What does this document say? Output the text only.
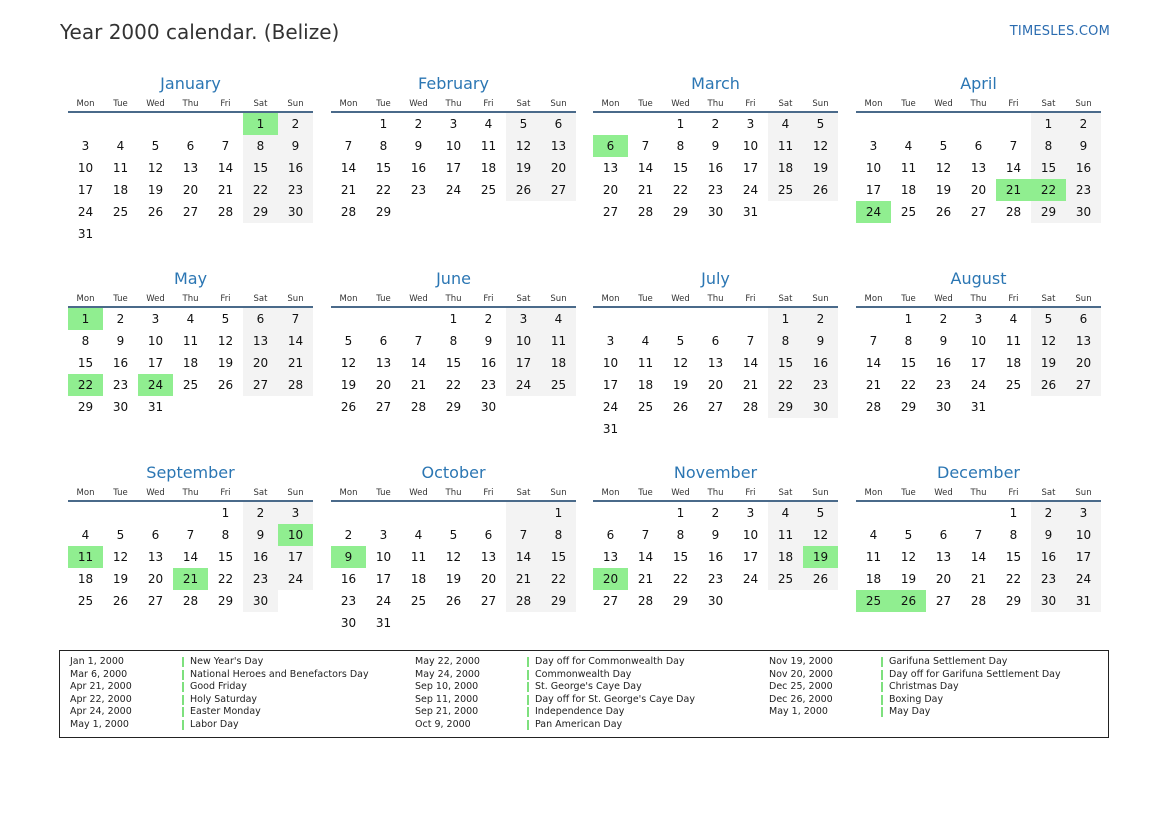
Year 2000 calendar. (Belize)	TIMESLES.COM
January
Mon	Tue	Wed	Thu	Fri	Sat	Sun
					1	2
3	4	5	6	7	8	9
10	11	12	13	14	15	16
17	18	19	20	21	22	23
24	25	26	27	28	29	30
31						
February
Mon	Tue	Wed	Thu	Fri	Sat	Sun
	1	2	3	4	5	6
7	8	9	10	11	12	13
14	15	16	17	18	19	20
21	22	23	24	25	26	27
28	29					
March
Mon	Tue	Wed	Thu	Fri	Sat	Sun
		1	2	3	4	5
6	7	8	9	10	11	12
13	14	15	16	17	18	19
20	21	22	23	24	25	26
27	28	29	30	31		
April
Mon	Tue	Wed	Thu	Fri	Sat	Sun
					1	2
3	4	5	6	7	8	9
10	11	12	13	14	15	16
17	18	19	20	21	22	23
24	25	26	27	28	29	30
May
Mon	Tue	Wed	Thu	Fri	Sat	Sun
1	2	3	4	5	6	7
8	9	10	11	12	13	14
15	16	17	18	19	20	21
22	23	24	25	26	27	28
29	30	31				
June
Mon	Tue	Wed	Thu	Fri	Sat	Sun
			1	2	3	4
5	6	7	8	9	10	11
12	13	14	15	16	17	18
19	20	21	22	23	24	25
26	27	28	29	30		
July
Mon	Tue	Wed	Thu	Fri	Sat	Sun
					1	2
3	4	5	6	7	8	9
10	11	12	13	14	15	16
17	18	19	20	21	22	23
24	25	26	27	28	29	30
31						
August
Mon	Tue	Wed	Thu	Fri	Sat	Sun
	1	2	3	4	5	6
7	8	9	10	11	12	13
14	15	16	17	18	19	20
21	22	23	24	25	26	27
28	29	30	31			
September
Mon	Tue	Wed	Thu	Fri	Sat	Sun
				1	2	3
4	5	6	7	8	9	10
11	12	13	14	15	16	17
18	19	20	21	22	23	24
25	26	27	28	29	30	
October
Mon	Tue	Wed	Thu	Fri	Sat	Sun
						1
2	3	4	5	6	7	8
9	10	11	12	13	14	15
16	17	18	19	20	21	22
23	24	25	26	27	28	29
30	31					
November
Mon	Tue	Wed	Thu	Fri	Sat	Sun
		1	2	3	4	5
6	7	8	9	10	11	12
13	14	15	16	17	18	19
20	21	22	23	24	25	26
27	28	29	30			
December
Mon	Tue	Wed	Thu	Fri	Sat	Sun
				1	2	3
4	5	6	7	8	9	10
11	12	13	14	15	16	17
18	19	20	21	22	23	24
25	26	27	28	29	30	31
Jan 1, 2000	New Year's Day
Mar 6, 2000	National Heroes and Benefactors Day
Apr 21, 2000	Good Friday
Apr 22, 2000	Holy Saturday
Apr 24, 2000	Easter Monday
May 1, 2000	Labor Day
May 22, 2000	Day off for Commonwealth Day
May 24, 2000	Commonwealth Day
Sep 10, 2000	St. George's Caye Day
Sep 11, 2000	Day off for St. George's Caye Day
Sep 21, 2000	Independence Day
Oct 9, 2000	Pan American Day
Nov 19, 2000	Garifuna Settlement Day
Nov 20, 2000	Day off for Garifuna Settlement Day
Dec 25, 2000	Christmas Day
Dec 26, 2000	Boxing Day
May 1, 2000	May Day
